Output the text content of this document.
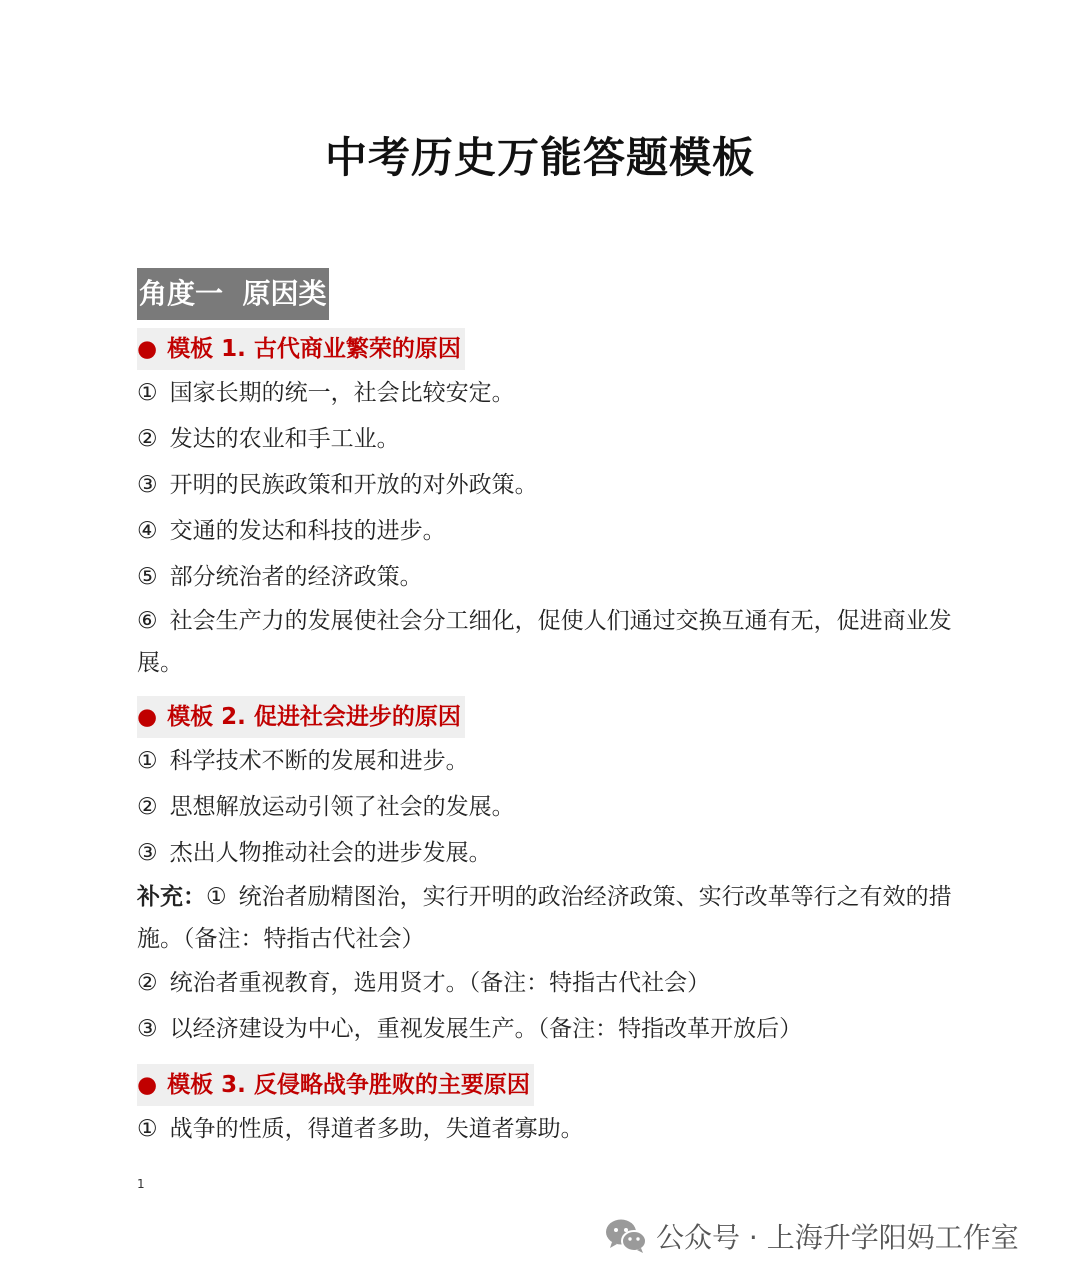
中考历史万能答题模板
角度一  原因类
● 模板 1. 古代商业繁荣的原因
① 国家长期的统一，社会比较安定。
② 发达的农业和手工业。
③ 开明的民族政策和开放的对外政策。
④ 交通的发达和科技的进步。
⑤ 部分统治者的经济政策。
⑥ 社会生产力的发展使社会分工细化，促使人们通过交换互通有无，促进商业发展。
● 模板 2. 促进社会进步的原因
① 科学技术不断的发展和进步。
② 思想解放运动引领了社会的发展。
③ 杰出人物推动社会的进步发展。
补充：① 统治者励精图治，实行开明的政治经济政策、实行改革等行之有效的措施。（备注：特指古代社会）
② 统治者重视教育，选用贤才。（备注：特指古代社会）
③ 以经济建设为中心，重视发展生产。（备注：特指改革开放后）
● 模板 3. 反侵略战争胜败的主要原因
① 战争的性质，得道者多助，失道者寡助。
1
公众号 · 上海升学阳妈工作室
